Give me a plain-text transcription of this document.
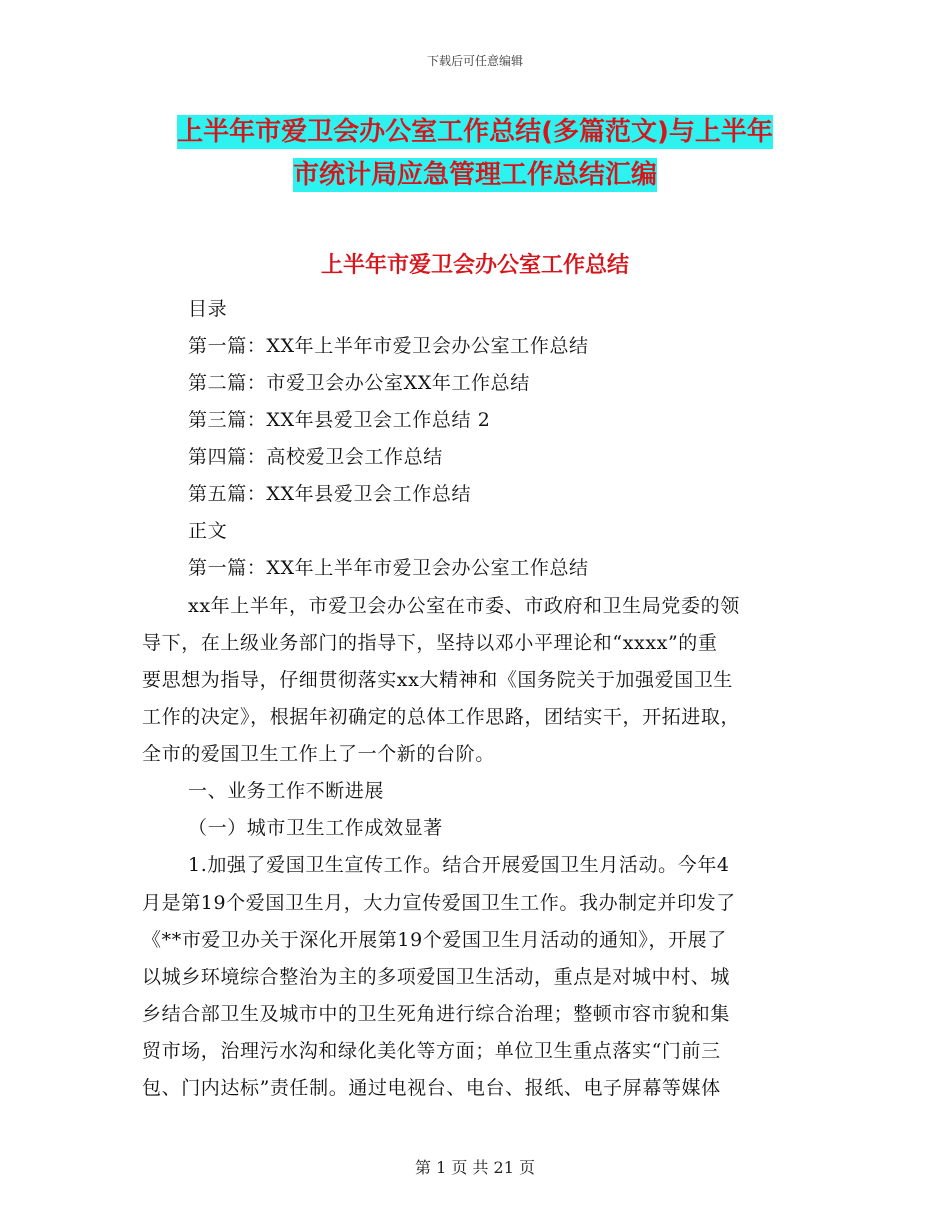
下载后可任意编辑
上半年市爱卫会办公室工作总结(多篇范文)与上半年
市统计局应急管理工作总结汇编
上半年市爱卫会办公室工作总结
目录
第一篇：XX年上半年市爱卫会办公室工作总结
第二篇：市爱卫会办公室XX年工作总结
第三篇：XX年县爱卫会工作总结 2
第四篇：高校爱卫会工作总结
第五篇：XX年县爱卫会工作总结
正文
第一篇：XX年上半年市爱卫会办公室工作总结
xx年上半年，市爱卫会办公室在市委、市政府和卫生局党委的领
导下，在上级业务部门的指导下，坚持以邓小平理论和“xxxx”的重
要思想为指导，仔细贯彻落实xx大精神和《国务院关于加强爱国卫生
工作的决定》，根据年初确定的总体工作思路，团结实干，开拓进取，
全市的爱国卫生工作上了一个新的台阶。
一、业务工作不断进展
（一）城市卫生工作成效显著
1.加强了爱国卫生宣传工作。结合开展爱国卫生月活动。今年4
月是第19个爱国卫生月，大力宣传爱国卫生工作。我办制定并印发了
《**市爱卫办关于深化开展第19个爱国卫生月活动的通知》，开展了
以城乡环境综合整治为主的多项爱国卫生活动，重点是对城中村、城
乡结合部卫生及城市中的卫生死角进行综合治理；整顿市容市貌和集
贸市场，治理污水沟和绿化美化等方面；单位卫生重点落实“门前三
包、门内达标”责任制。通过电视台、电台、报纸、电子屏幕等媒体
第 1 页 共 21 页
